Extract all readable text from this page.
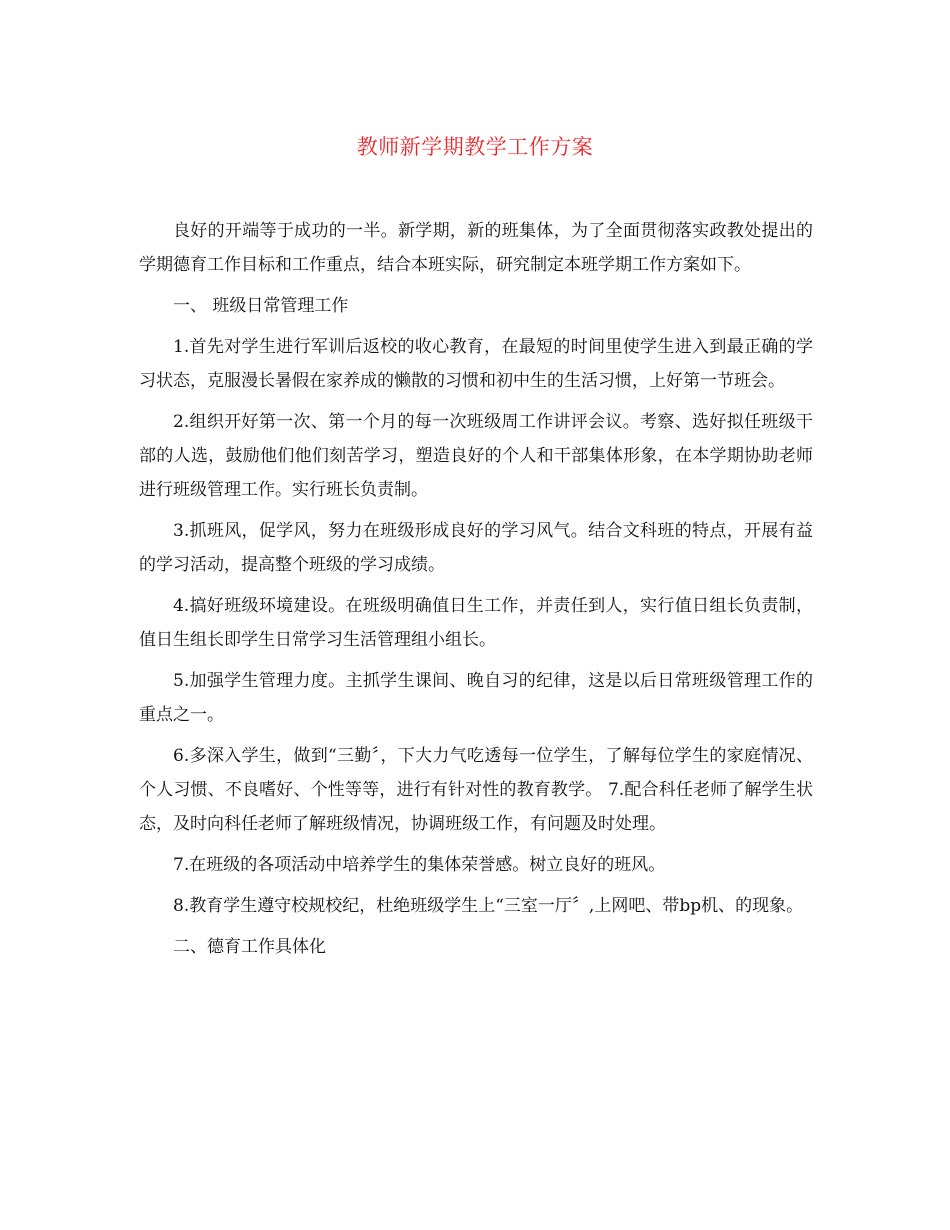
教师新学期教学工作方案

良好的开端等于成功的一半。新学期，新的班集体，为了全面贯彻落实政教处提出的学期德育工作目标和工作重点，结合本班实际，研究制定本班学期工作方案如下。

一、 班级日常管理工作

1.首先对学生进行军训后返校的收心教育，在最短的时间里使学生进入到最正确的学习状态，克服漫长暑假在家养成的懒散的习惯和初中生的生活习惯，上好第一节班会。

2.组织开好第一次、第一个月的每一次班级周工作讲评会议。考察、选好拟任班级干部的人选，鼓励他们他们刻苦学习，塑造良好的个人和干部集体形象，在本学期协助老师进行班级管理工作。实行班长负责制。

3.抓班风，促学风，努力在班级形成良好的学习风气。结合文科班的特点，开展有益的学习活动，提高整个班级的学习成绩。

4.搞好班级环境建设。在班级明确值日生工作，并责任到人，实行值日组长负责制，值日生组长即学生日常学习生活管理组小组长。

5.加强学生管理力度。主抓学生课间、晚自习的纪律，这是以后日常班级管理工作的重点之一。

6.多深入学生，做到“三勤〞，下大力气吃透每一位学生，了解每位学生的家庭情况、个人习惯、不良嗜好、个性等等，进行有针对性的教育教学。 7.配合科任老师了解学生状态，及时向科任老师了解班级情况，协调班级工作，有问题及时处理。

7.在班级的各项活动中培养学生的集体荣誉感。树立良好的班风。

8.教育学生遵守校规校纪，杜绝班级学生上“三室一厅〞,上网吧、带bp机、的现象。

二、德育工作具体化
